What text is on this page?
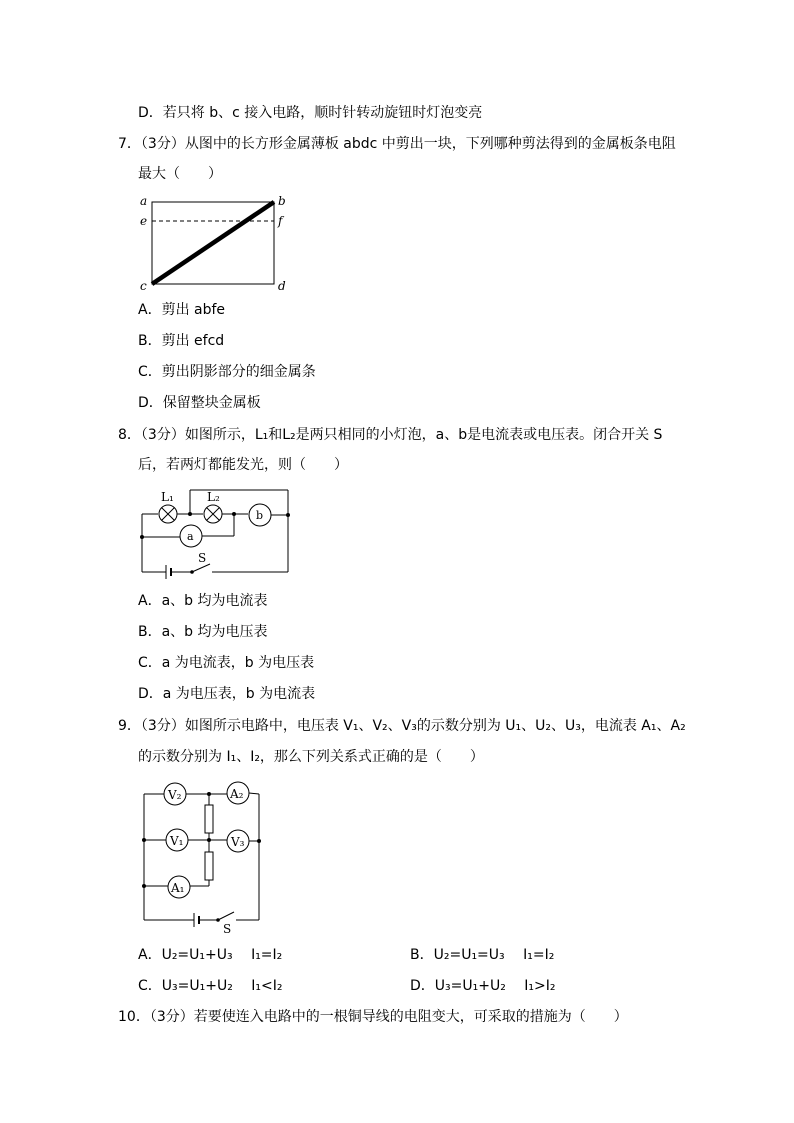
D．若只将 b、c 接入电路，顺时针转动旋钮时灯泡变亮
7．（3分）从图中的长方形金属薄板 abdc 中剪出一块，下列哪种剪法得到的金属板条电阻
最大（　　）
a	b
e	f
c	d
A．剪出 abfe
B．剪出 efcd
C．剪出阴影部分的细金属条
D．保留整块金属板
8．（3分）如图所示，L₁和L₂是两只相同的小灯泡，a、b是电流表或电压表。闭合开关 S
后，若两灯都能发光，则（　　）
L₁	L₂
b
a
S
A．a、b 均为电流表
B．a、b 均为电压表
C．a 为电流表，b 为电压表
D．a 为电压表，b 为电流表
9．（3分）如图所示电路中，电压表 V₁、V₂、V₃的示数分别为 U₁、U₂、U₃，电流表 A₁、A₂
的示数分别为 I₁、I₂，那么下列关系式正确的是（　　）
V₂	A₂
V₁	V₃
A₁
S
A．U₂=U₁+U₃　 I₁=I₂	B．U₂=U₁=U₃　 I₁=I₂
C．U₃=U₁+U₂　 I₁<I₂	D．U₃=U₁+U₂　 I₁>I₂
10．（3分）若要使连入电路中的一根铜导线的电阻变大，可采取的措施为（　　）
